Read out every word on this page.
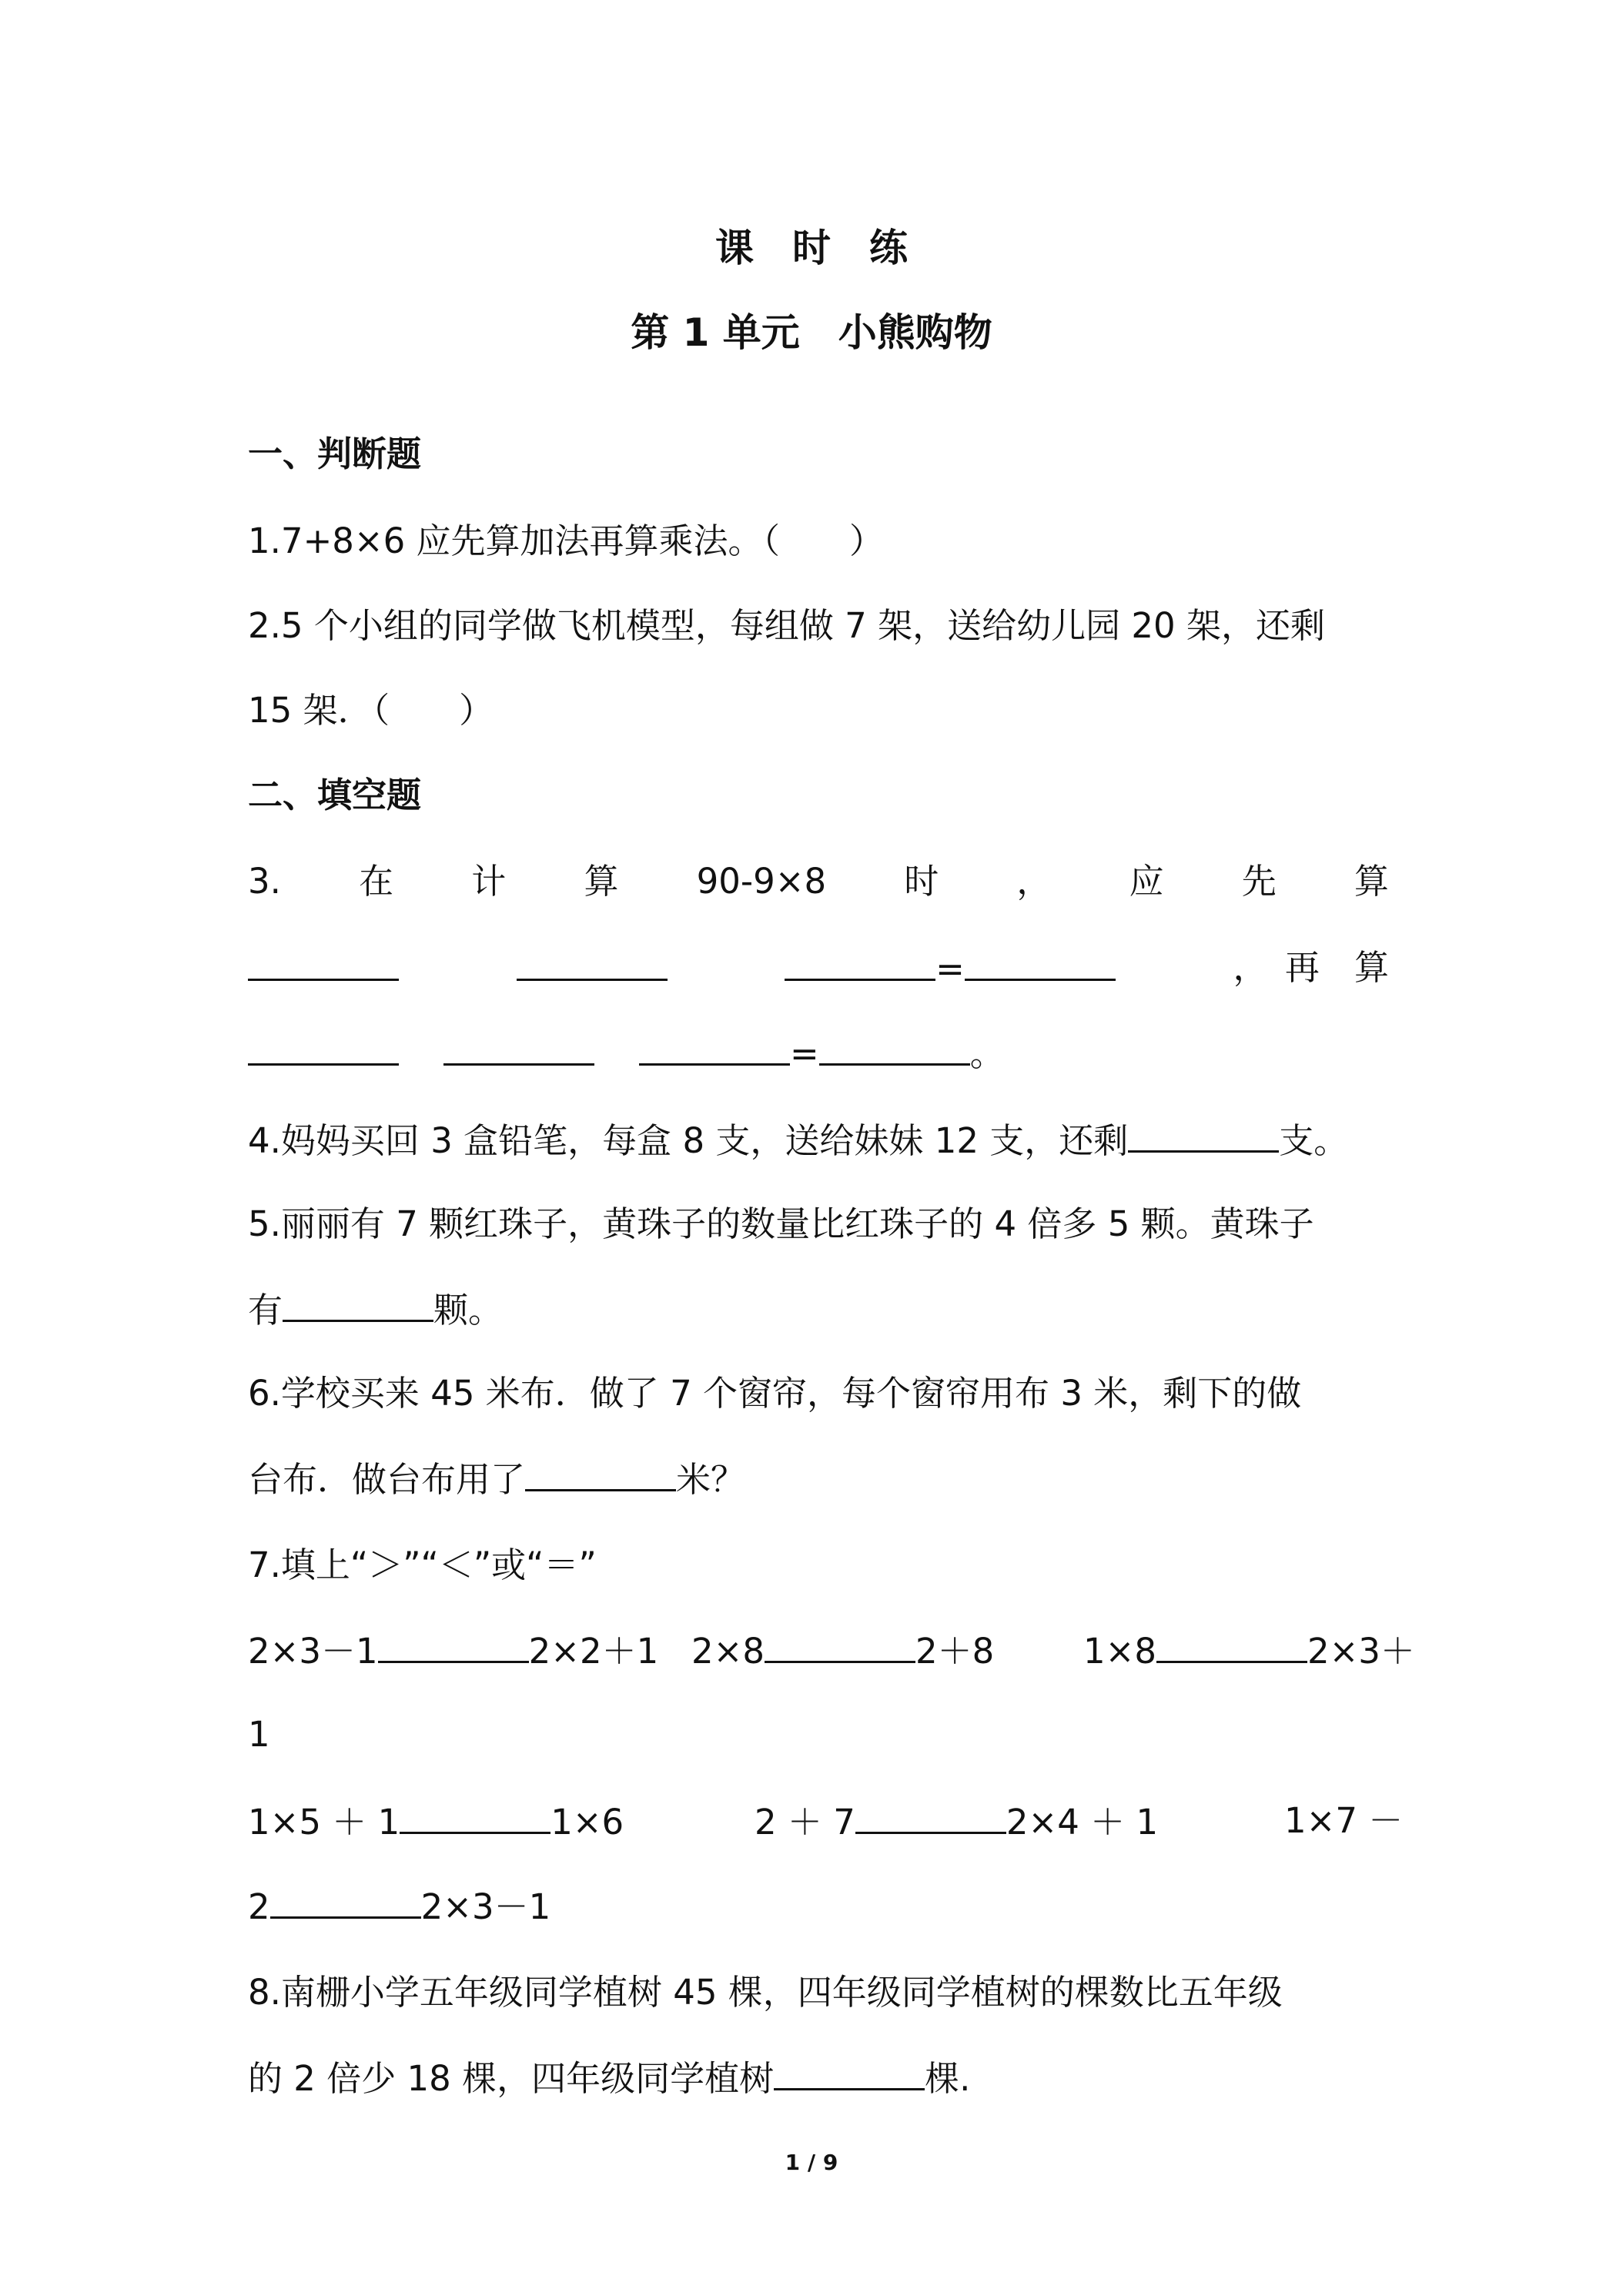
课　时　练
第 1 单元　小熊购物
一、判断题
1.7+8×6 应先算加法再算乘法。（　　）
2.5 个小组的同学做飞机模型，每组做 7 架，送给幼儿园 20 架，还剩
15 架．（　　）
二、填空题
3. 在 计 算 90-9×8 时 ， 应 先 算
=	，　再　算
=	。
4.妈妈买回 3 盒铅笔，每盒 8 支，送给妹妹 12 支，还剩	支。
5.丽丽有 7 颗红珠子，黄珠子的数量比红珠子的 4 倍多 5 颗。黄珠子
有	颗。
6.学校买来 45 米布．做了 7 个窗帘，每个窗帘用布 3 米，剩下的做
台布．做台布用了	米？
7.填上“＞”“＜”或“＝”
2×3－1	2×2＋1 2×8	2＋8	1×8	2×3＋
1
1×5 ＋ 1	1×6	2 ＋ 7	2×4 ＋ 1	1×7 －
2	2×3－1
8.南栅小学五年级同学植树 45 棵，四年级同学植树的棵数比五年级
的 2 倍少 18 棵，四年级同学植树	棵.
1 / 9
